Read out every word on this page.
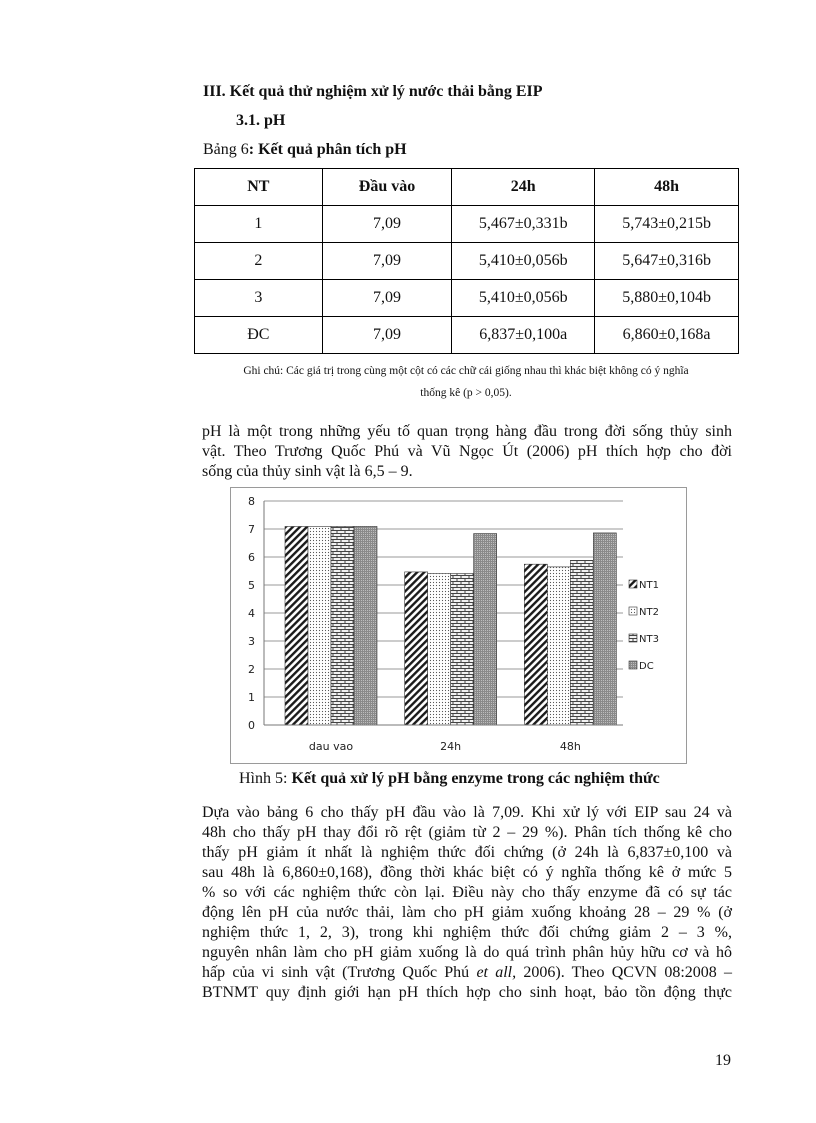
III. Kết quả thử nghiệm xử lý nước thải bằng EIP
3.1. pH
Bảng 6: Kết quả phân tích pH
NT	Đầu vào	24h	48h
1	7,09	5,467±0,331b	5,743±0,215b
2	7,09	5,410±0,056b	5,647±0,316b
3	7,09	5,410±0,056b	5,880±0,104b
ĐC	7,09	6,837±0,100a	6,860±0,168a
Ghi chú: Các giá trị trong cùng một cột có các chữ cái giống nhau thì khác biệt không có ý nghĩa
thống kê (p > 0,05).
pH là một trong những yếu tố quan trọng hàng đầu trong đời sống thủy sinh
vật. Theo Trương Quốc Phú và Vũ Ngọc Út (2006) pH thích hợp cho đời
sống của thủy sinh vật là 6,5 – 9.
0
1
2
3
4
5
6
7
8
dau vao	24h	48h
NT1
NT2
NT3
DC
Hình 5: Kết quả xử lý pH bằng enzyme trong các nghiệm thức
Dựa vào bảng 6 cho thấy pH đầu vào là 7,09. Khi xử lý với EIP sau 24 và
48h cho thấy pH thay đổi rõ rệt (giảm từ 2 – 29 %). Phân tích thống kê cho
thấy pH giảm ít nhất là nghiệm thức đối chứng (ở 24h là 6,837±0,100 và
sau 48h là 6,860±0,168), đồng thời khác biệt có ý nghĩa thống kê ở mức 5
% so với các nghiệm thức còn lại. Điều này cho thấy enzyme đã có sự tác
động lên pH của nước thải, làm cho pH giảm xuống khoảng 28 – 29 % (ở
nghiệm thức 1, 2, 3), trong khi nghiệm thức đối chứng giảm 2 – 3 %,
nguyên nhân làm cho pH giảm xuống là do quá trình phân hủy hữu cơ và hô
hấp của vi sinh vật (Trương Quốc Phú et all, 2006). Theo QCVN 08:2008 –
BTNMT quy định giới hạn pH thích hợp cho sinh hoạt, bảo tồn động thực
19
